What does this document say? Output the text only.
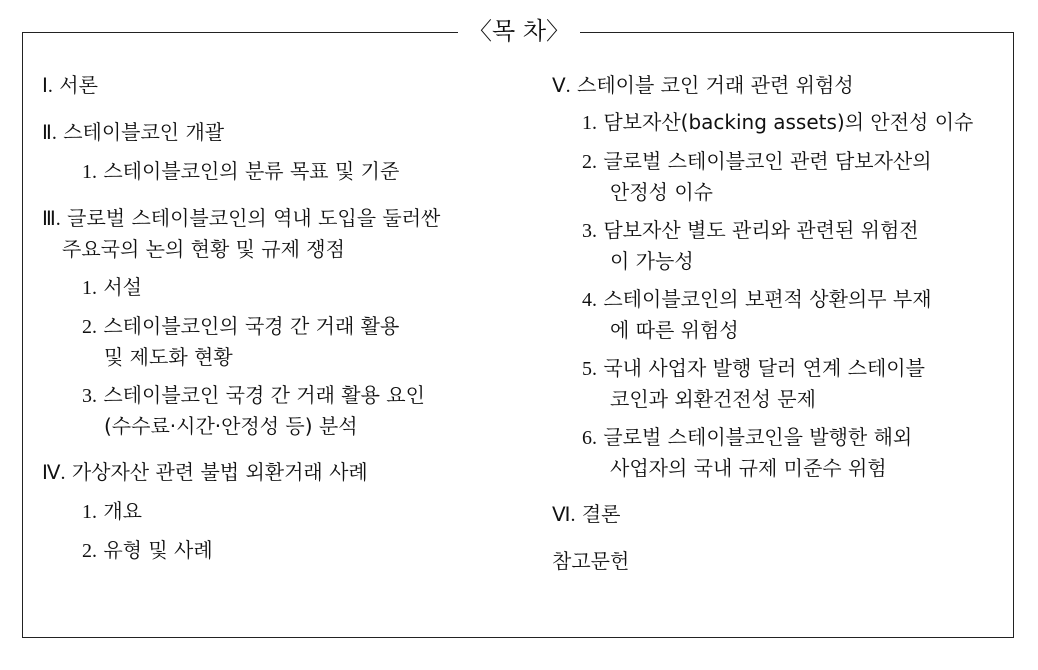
〈목 차〉
Ⅰ. 서론
Ⅱ. 스테이블코인 개괄
1. 스테이블코인의 분류 목표 및 기준
Ⅲ. 글로벌 스테이블코인의 역내 도입을 둘러싼
주요국의 논의 현황 및 규제 쟁점
1. 서설
2. 스테이블코인의 국경 간 거래 활용
및 제도화 현황
3. 스테이블코인 국경 간 거래 활용 요인
(수수료·시간·안정성 등) 분석
Ⅳ. 가상자산 관련 불법 외환거래 사례
1. 개요
2. 유형 및 사례
Ⅴ. 스테이블 코인 거래 관련 위험성
1. 담보자산(backing assets)의 안전성 이슈
2. 글로벌 스테이블코인 관련 담보자산의
안정성 이슈
3. 담보자산 별도 관리와 관련된 위험전
이 가능성
4. 스테이블코인의 보편적 상환의무 부재
에 따른 위험성
5. 국내 사업자 발행 달러 연계 스테이블
코인과 외환건전성 문제
6. 글로벌 스테이블코인을 발행한 해외
사업자의 국내 규제 미준수 위험
Ⅵ. 결론
참고문헌
